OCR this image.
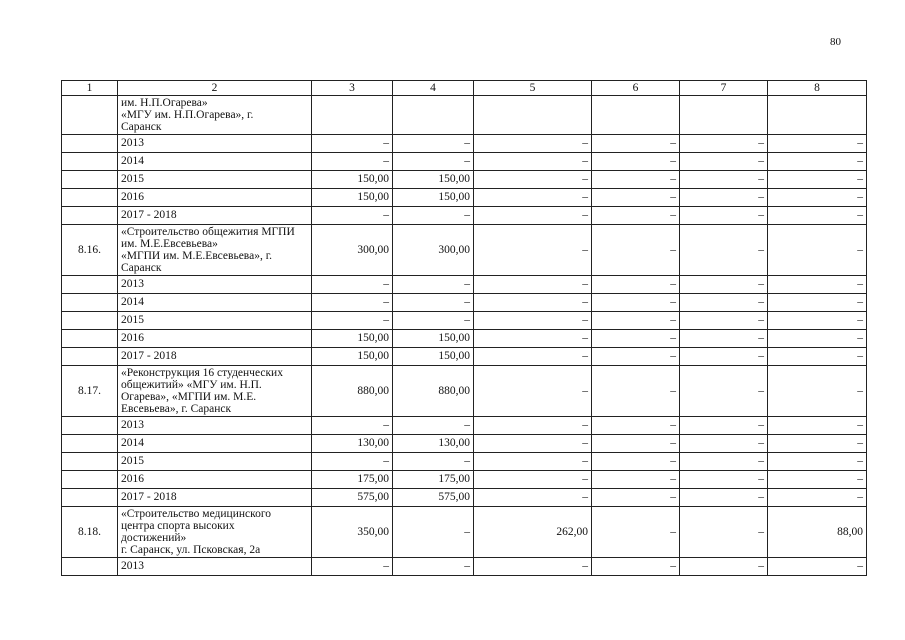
80
1	2	3	4	5	6	7	8

	им. Н.П.Огарева»
«МГУ им. Н.П.Огарева», г.
Саранск						

	2013	–	–	–	–	–	–

	2014	–	–	–	–	–	–

	2015	150,00	150,00	–	–	–	–

	2016	150,00	150,00	–	–	–	–

	2017 - 2018	–	–	–	–	–	–
8.16.	«Строительство общежития МГПИ
им. М.Е.Евсевьева»
«МГПИ им. М.Е.Евсевьева», г.
Саранск	300,00	300,00	–	–	–	–

	2013	–	–	–	–	–	–

	2014	–	–	–	–	–	–

	2015	–	–	–	–	–	–

	2016	150,00	150,00	–	–	–	–

	2017 - 2018	150,00	150,00	–	–	–	–
8.17.	«Реконструкция 16 студенческих
общежитий» «МГУ им. Н.П.
Огарева», «МГПИ им. М.Е.
Евсевьева», г. Саранск	880,00	880,00	–	–	–	–

	2013	–	–	–	–	–	–

	2014	130,00	130,00	–	–	–	–

	2015	–	–	–	–	–	–

	2016	175,00	175,00	–	–	–	–

	2017 - 2018	575,00	575,00	–	–	–	–
8.18.	«Строительство медицинского
центра спорта высоких
достижений»
г. Саранск, ул. Псковская, 2а	350,00	–	262,00	–	–	88,00

	2013	–	–	–	–	–	–
